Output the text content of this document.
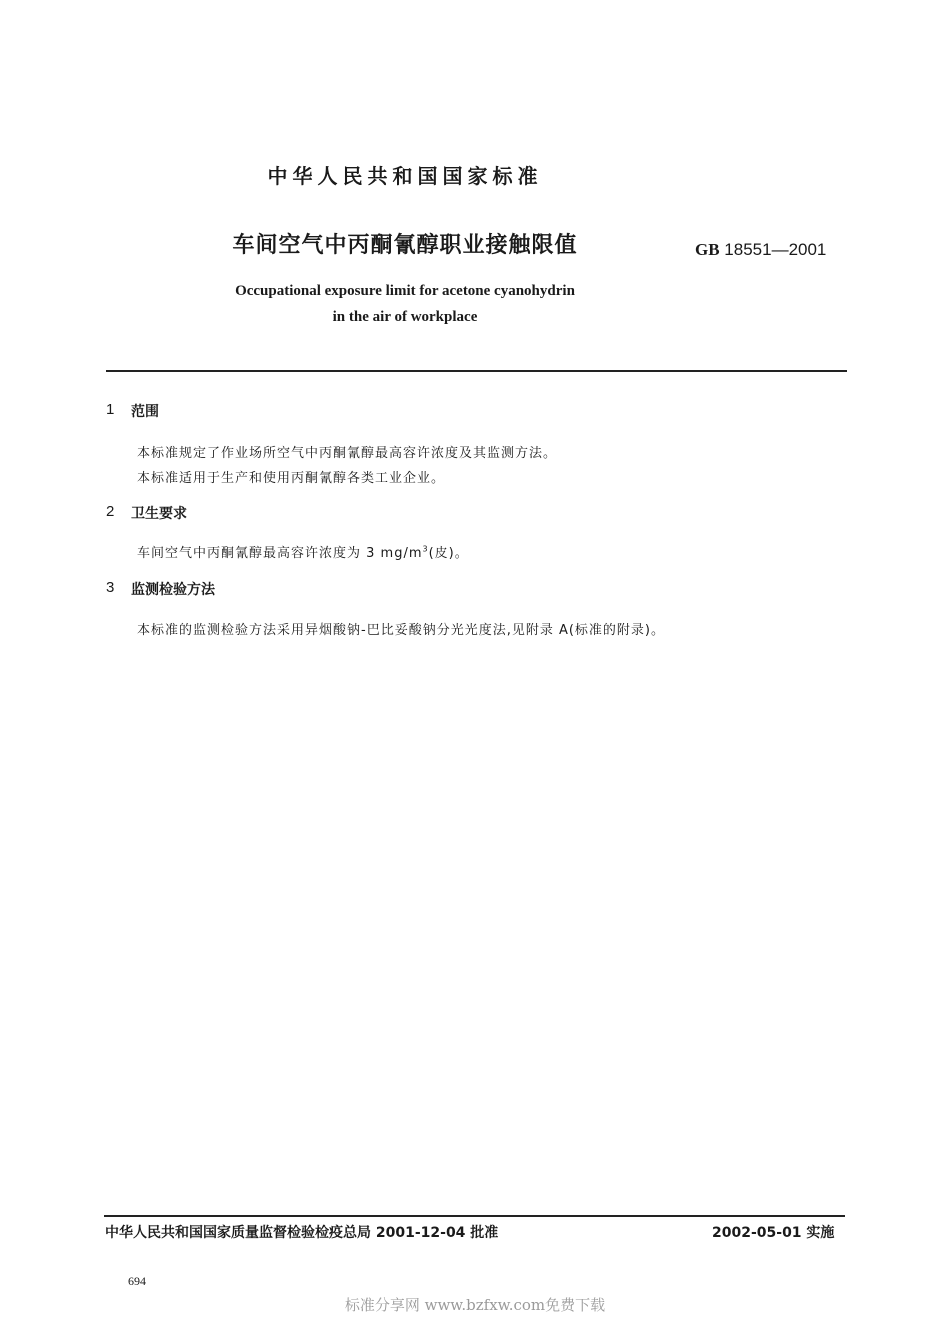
中华人民共和国国家标准
车间空气中丙酮氰醇职业接触限值	GB 18551—2001
Occupational exposure limit for acetone cyanohydrin
in the air of workplace
1	范围
本标准规定了作业场所空气中丙酮氰醇最高容许浓度及其监测方法。
本标准适用于生产和使用丙酮氰醇各类工业企业。
2	卫生要求
车间空气中丙酮氰醇最高容许浓度为 3 $mg/m^3$(皮)。
3	监测检验方法
本标准的监测检验方法采用异烟酸钠-巴比妥酸钠分光光度法,见附录 A(标准的附录)。
中华人民共和国国家质量监督检验检疫总局 2001-12-04 批准	2002-05-01 实施
694
标准分享网 www.bzfxw.com免费下载
